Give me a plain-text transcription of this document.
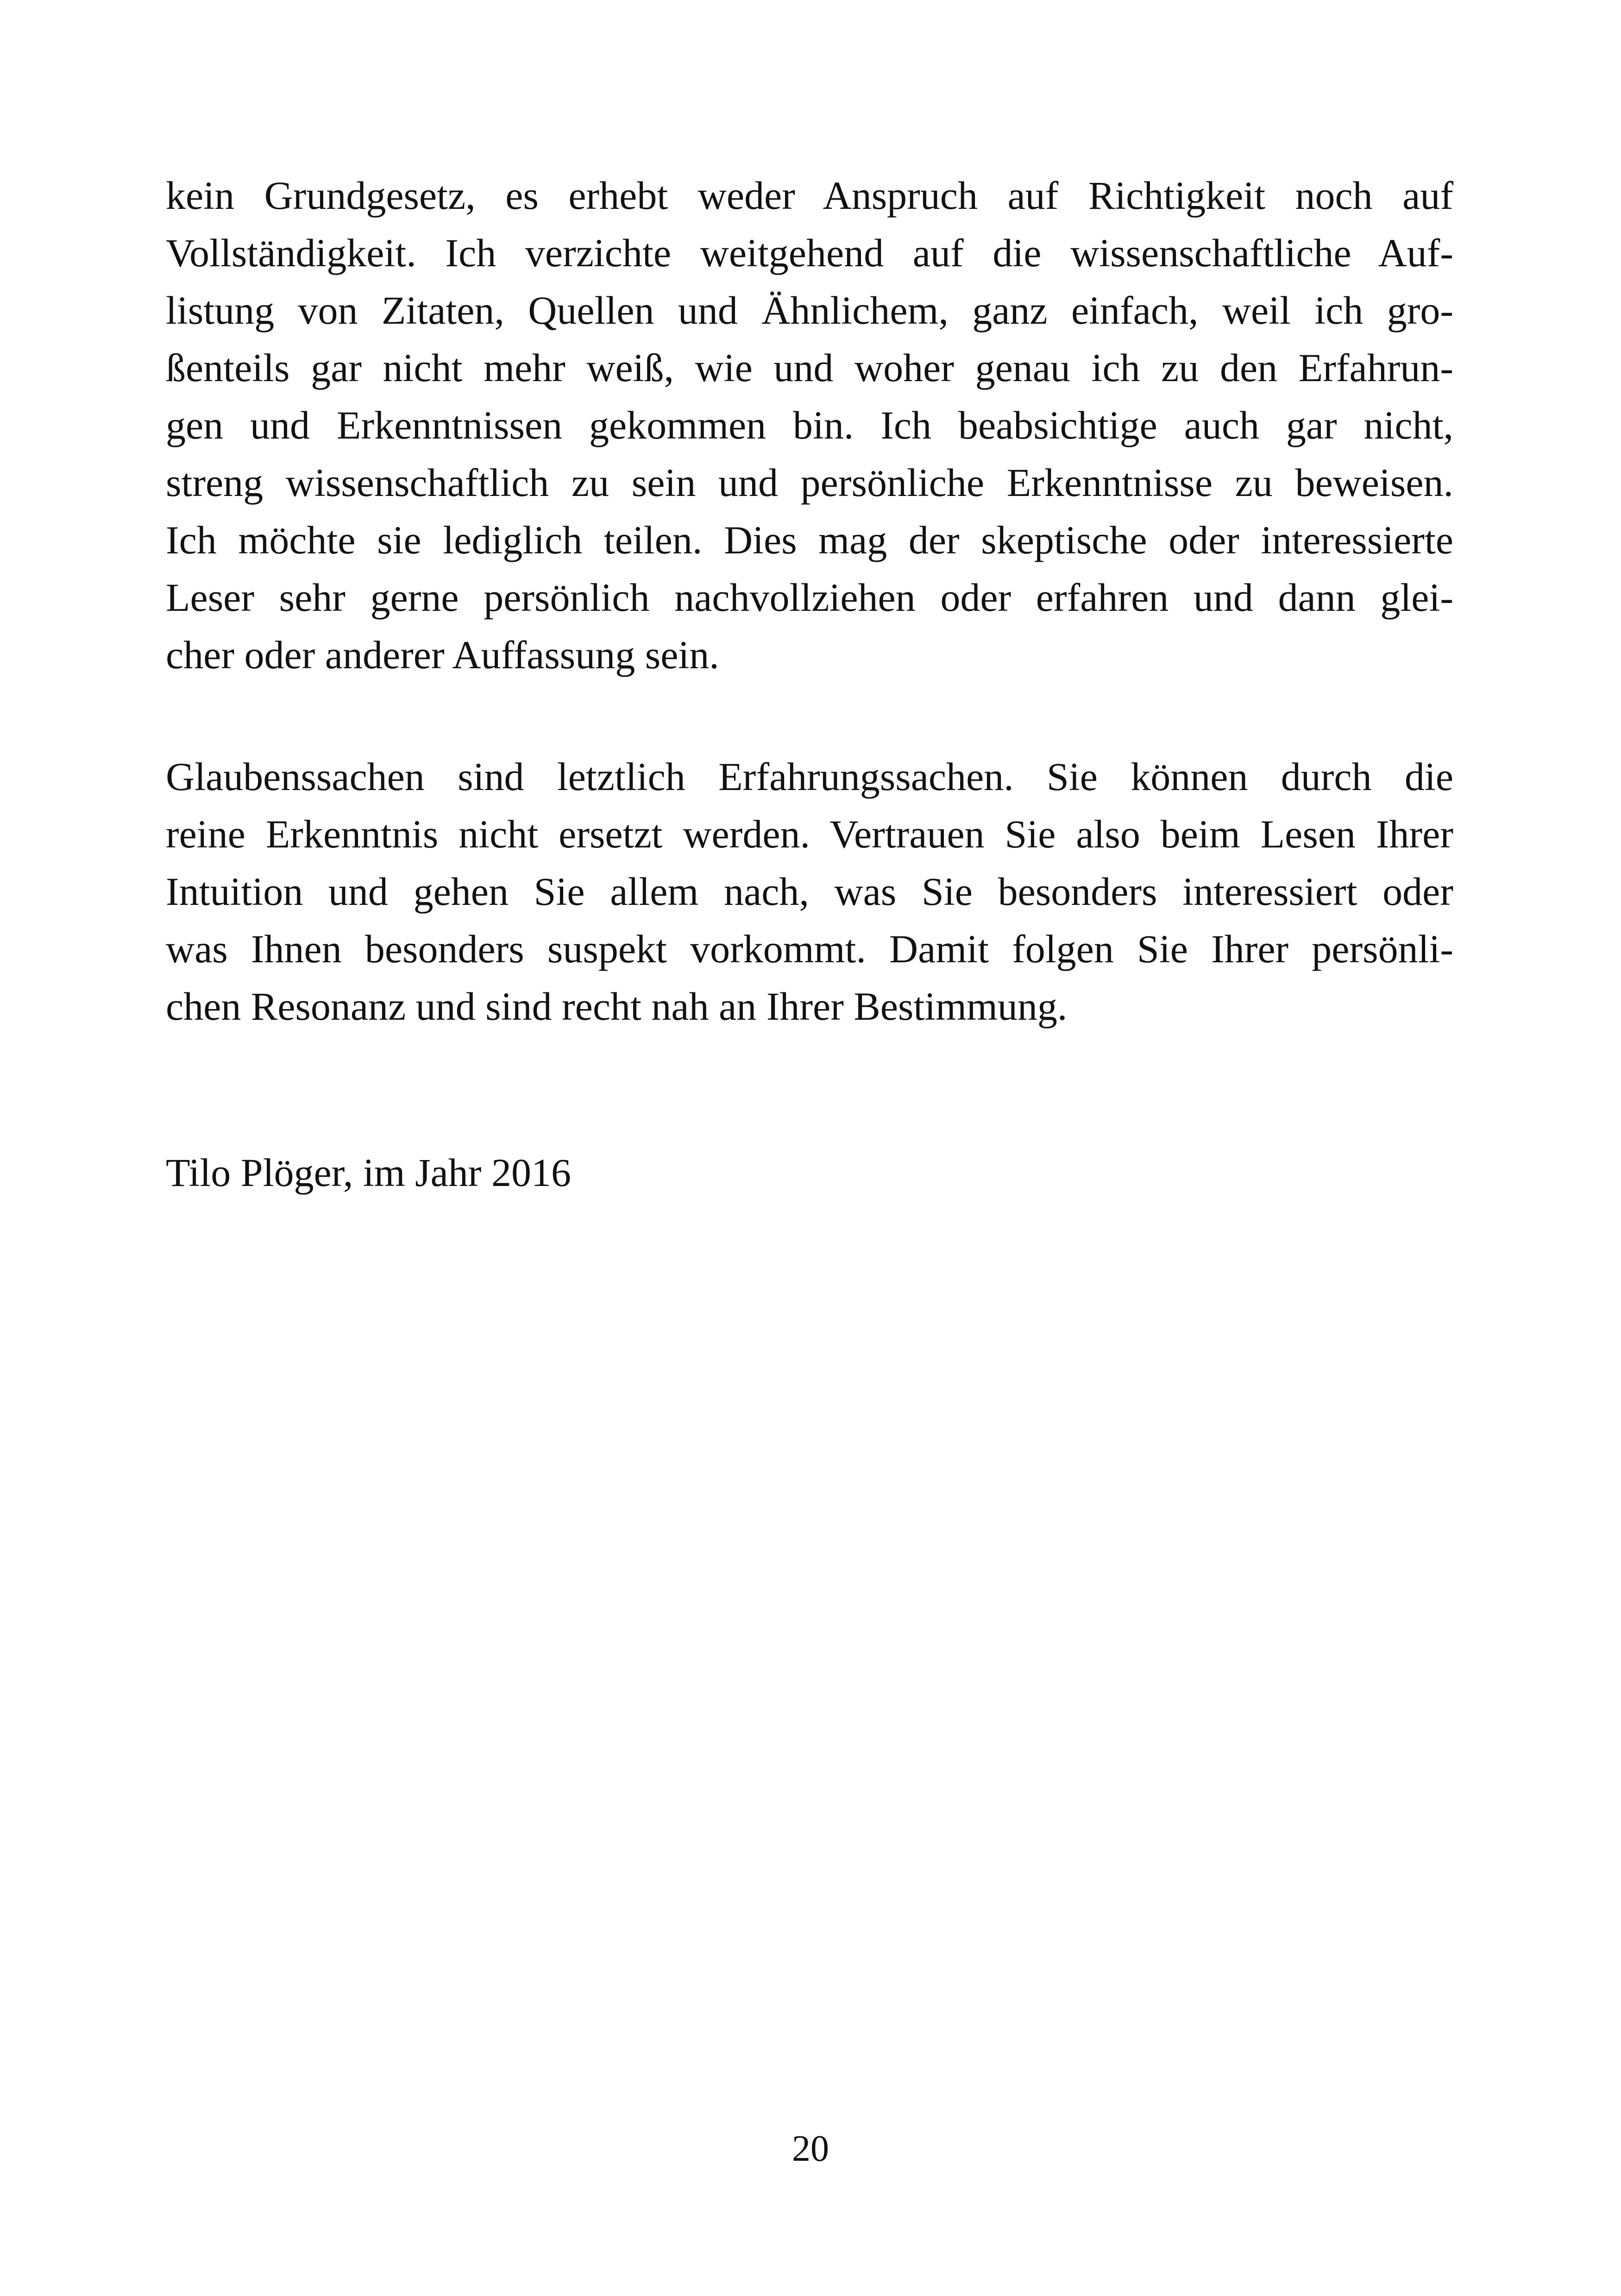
kein Grundgesetz, es erhebt weder Anspruch auf Richtigkeit noch auf
Vollständigkeit. Ich verzichte weitgehend auf die wissenschaftliche Auf-
listung von Zitaten, Quellen und Ähnlichem, ganz einfach, weil ich gro-
ßenteils gar nicht mehr weiß, wie und woher genau ich zu den Erfahrun-
gen und Erkenntnissen gekommen bin. Ich beabsichtige auch gar nicht,
streng wissenschaftlich zu sein und persönliche Erkenntnisse zu beweisen.
Ich möchte sie lediglich teilen. Dies mag der skeptische oder interessierte
Leser sehr gerne persönlich nachvollziehen oder erfahren und dann glei-
cher oder anderer Auffassung sein.
Glaubenssachen sind letztlich Erfahrungssachen. Sie können durch die
reine Erkenntnis nicht ersetzt werden. Vertrauen Sie also beim Lesen Ihrer
Intuition und gehen Sie allem nach, was Sie besonders interessiert oder
was Ihnen besonders suspekt vorkommt. Damit folgen Sie Ihrer persönli-
chen Resonanz und sind recht nah an Ihrer Bestimmung.
Tilo Plöger, im Jahr 2016
20
